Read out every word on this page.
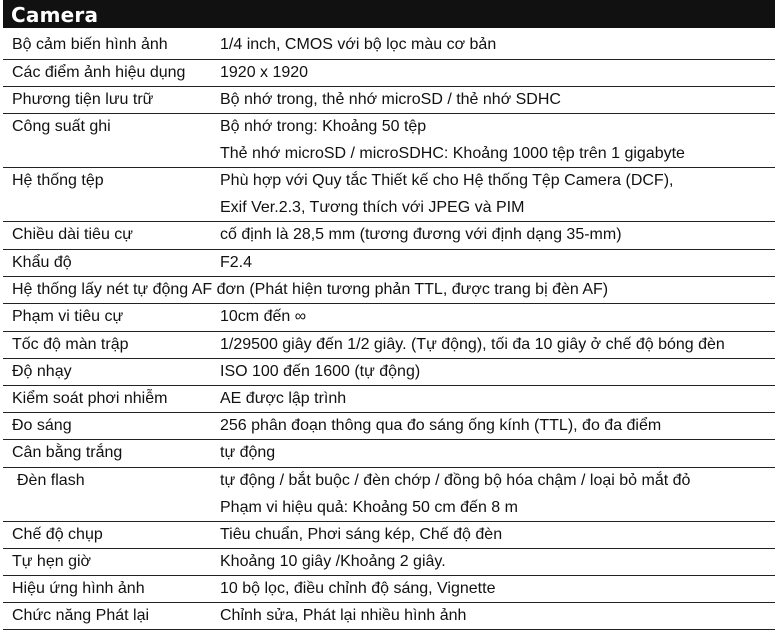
Camera
Bộ cảm biến hình ảnh	1/4 inch, CMOS với bộ lọc màu cơ bản
Các điểm ảnh hiệu dụng 1920 x 1920
Phương tiện lưu trữ	Bộ nhớ trong, thẻ nhớ microSD / thẻ nhớ SDHC
Công suất ghi	Bộ nhớ trong: Khoảng 50 tệp
Thẻ nhớ microSD / microSDHC: Khoảng 1000 tệp trên 1 gigabyte
Hệ thống tệp	Phù hợp với Quy tắc Thiết kế cho Hệ thống Tệp Camera (DCF),
Exif Ver.2.3, Tương thích với JPEG và PIM
Chiều dài tiêu cự	cố định là 28,5 mm (tương đương với định dạng 35-mm)
Khẩu độ	F2.4
Hệ thống lấy nét tự động AF đơn (Phát hiện tương phản TTL, được trang bị đèn AF)
Phạm vi tiêu cự	10cm đến ∞
Tốc độ màn trập	1/29500 giây đến 1/2 giây. (Tự động), tối đa 10 giây ở chế độ bóng đèn
Độ nhạy	ISO 100 đến 1600 (tự động)
Kiểm soát phơi nhiễm	AE được lập trình
Đo sáng	256 phân đoạn thông qua đo sáng ống kính (TTL), đo đa điểm
Cân bằng trắng	tự động
Đèn flash	tự động / bắt buộc / đèn chớp / đồng bộ hóa chậm / loại bỏ mắt đỏ
Phạm vi hiệu quả: Khoảng 50 cm đến 8 m
Chế độ chụp	Tiêu chuẩn, Phơi sáng kép, Chế độ đèn
Tự hẹn giờ	Khoảng 10 giây /Khoảng 2 giây.
Hiệu ứng hình ảnh	10 bộ lọc, điều chỉnh độ sáng, Vignette
Chức năng Phát lại	Chỉnh sửa, Phát lại nhiều hình ảnh
